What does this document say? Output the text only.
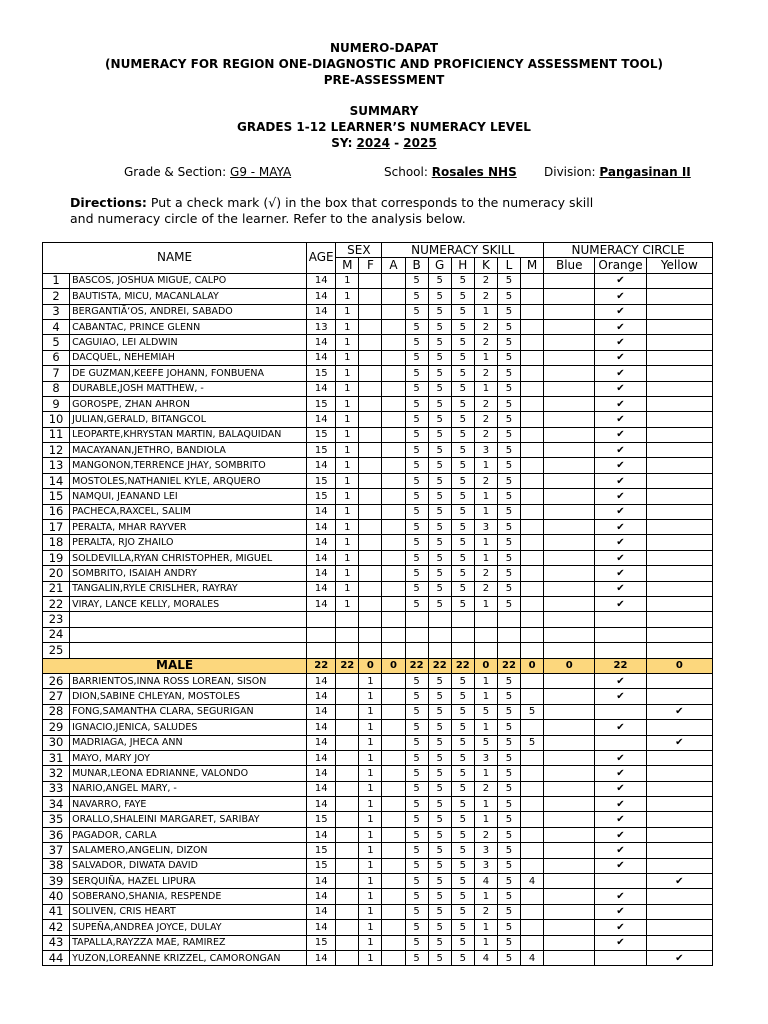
NUMERO-DAPAT
(NUMERACY FOR REGION ONE-DIAGNOSTIC AND PROFICIENCY ASSESSMENT TOOL)
PRE-ASSESSMENT
SUMMARY
GRADES 1-12 LEARNER’S NUMERACY LEVEL
SY: 2024 - 2025
Grade & Section: G9 - MAYA	School: Rosales NHS Division: Pangasinan II
Directions: Put a check mark (√) in the box that corresponds to the numeracy skill and numeracy circle of the learner. Refer to the analysis below.
NAME		AGE	SEX		NUMERACY SKILL							NUMERACY CIRCLE		
			M	F	A	B	G	H	K	L	M	Blue	Orange	Yellow
1	BASCOS, JOSHUA MIGUE, CALPO	14	1			5	5	5	2	5			✔	
2	BAUTISTA, MICU, MACANLALAY	14	1			5	5	5	2	5			✔	
3	BERGANTIÃ‘OS, ANDREI, SABADO	14	1			5	5	5	1	5			✔	
4	CABANTAC, PRINCE GLENN	13	1			5	5	5	2	5			✔	
5	CAGUIAO, LEI ALDWIN	14	1			5	5	5	2	5			✔	
6	DACQUEL, NEHEMIAH	14	1			5	5	5	1	5			✔	
7	DE GUZMAN,KEEFE JOHANN, FONBUENA	15	1			5	5	5	2	5			✔	
8	DURABLE,JOSH MATTHEW, -	14	1			5	5	5	1	5			✔	
9	GOROSPE, ZHAN AHRON	15	1			5	5	5	2	5			✔	
10	JULIAN,GERALD, BITANGCOL	14	1			5	5	5	2	5			✔	
11	LEOPARTE,KHRYSTAN MARTIN, BALAQUIDAN	15	1			5	5	5	2	5			✔	
12	MACAYANAN,JETHRO, BANDIOLA	15	1			5	5	5	3	5			✔	
13	MANGONON,TERRENCE JHAY, SOMBRITO	14	1			5	5	5	1	5			✔	
14	MOSTOLES,NATHANIEL KYLE, ARQUERO	15	1			5	5	5	2	5			✔	
15	NAMQUI, JEANAND LEI	15	1			5	5	5	1	5			✔	
16	PACHECA,RAXCEL, SALIM	14	1			5	5	5	1	5			✔	
17	PERALTA, MHAR RAYVER	14	1			5	5	5	3	5			✔	
18	PERALTA, RJO ZHAILO	14	1			5	5	5	1	5			✔	
19	SOLDEVILLA,RYAN CHRISTOPHER, MIGUEL	14	1			5	5	5	1	5			✔	
20	SOMBRITO, ISAIAH ANDRY	14	1			5	5	5	2	5			✔	
21	TANGALIN,RYLE CRISLHER, RAYRAY	14	1			5	5	5	2	5			✔	
22	VIRAY, LANCE KELLY, MORALES	14	1			5	5	5	1	5			✔	
23														
24														
25														
MALE		22	22	0	0	22	22	22	0	22	0	0	22	0
26	BARRIENTOS,INNA ROSS LOREAN, SISON	14		1		5	5	5	1	5			✔	
27	DION,SABINE CHLEYAN, MOSTOLES	14		1		5	5	5	1	5			✔	
28	FONG,SAMANTHA CLARA, SEGURIGAN	14		1		5	5	5	5	5	5			✔
29	IGNACIO,JENICA, SALUDES	14		1		5	5	5	1	5			✔	
30	MADRIAGA, JHECA ANN	14		1		5	5	5	5	5	5			✔
31	MAYO, MARY JOY	14		1		5	5	5	3	5			✔	
32	MUNAR,LEONA EDRIANNE, VALONDO	14		1		5	5	5	1	5			✔	
33	NARIO,ANGEL MARY, -	14		1		5	5	5	2	5			✔	
34	NAVARRO, FAYE	14		1		5	5	5	1	5			✔	
35	ORALLO,SHALEINI MARGARET, SARIBAY	15		1		5	5	5	1	5			✔	
36	PAGADOR, CARLA	14		1		5	5	5	2	5			✔	
37	SALAMERO,ANGELIN, DIZON	15		1		5	5	5	3	5			✔	
38	SALVADOR, DIWATA DAVID	15		1		5	5	5	3	5			✔	
39	SERQUIÑA, HAZEL LIPURA	14		1		5	5	5	4	5	4			✔
40	SOBERANO,SHANIA, RESPENDE	14		1		5	5	5	1	5			✔	
41	SOLIVEN, CRIS HEART	14		1		5	5	5	2	5			✔	
42	SUPEÑA,ANDREA JOYCE, DULAY	14		1		5	5	5	1	5			✔	
43	TAPALLA,RAYZZA MAE, RAMIREZ	15		1		5	5	5	1	5			✔	
44	YUZON,LOREANNE KRIZZEL, CAMORONGAN	14		1		5	5	5	4	5	4			✔
